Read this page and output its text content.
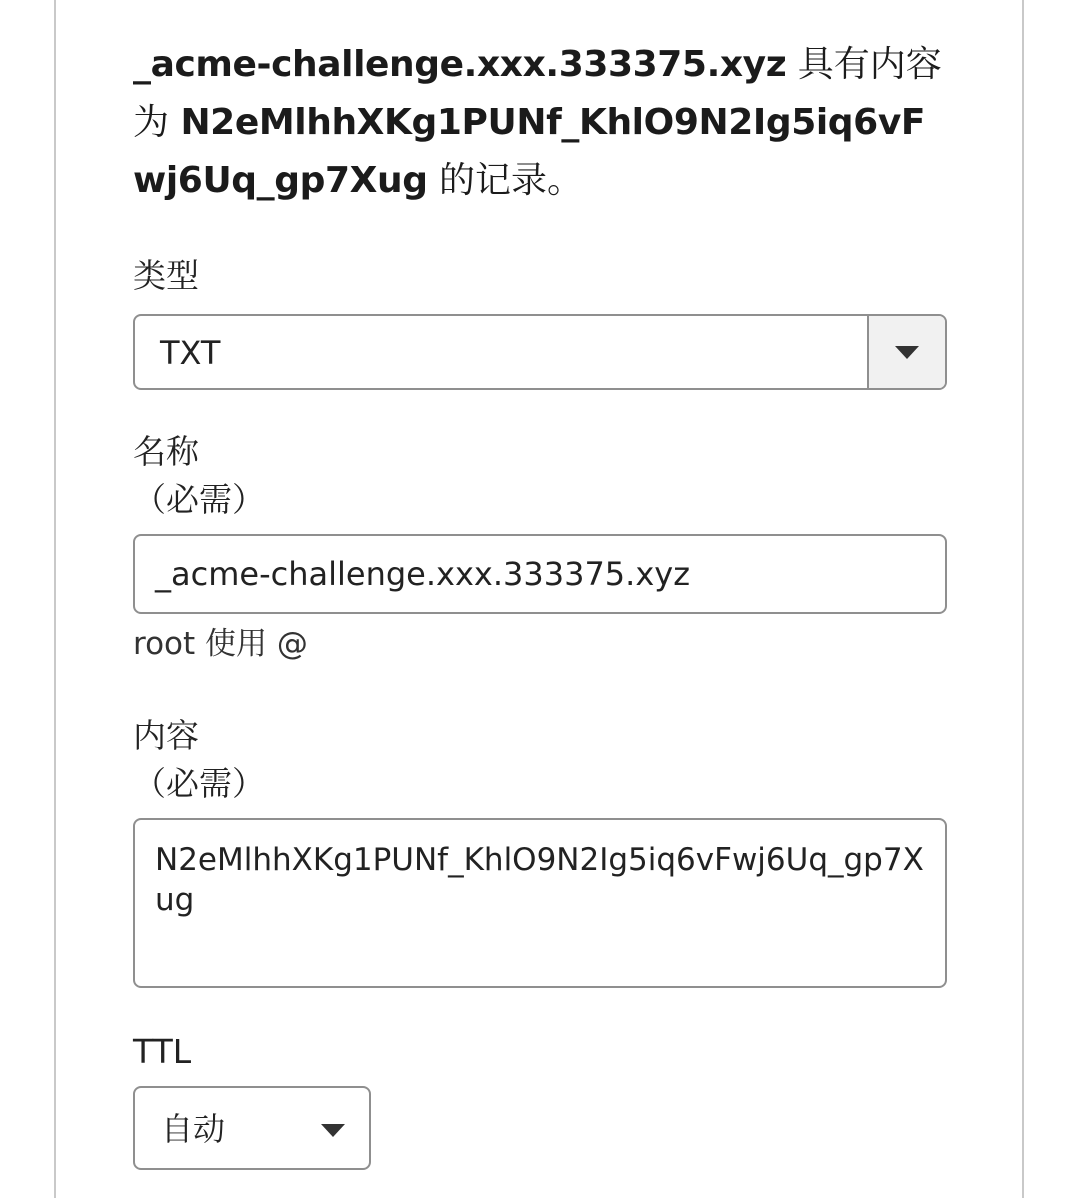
_acme-challenge.xxx.333375.xyz 具有内容为 N2eMlhhXKg1PUNf_KhlO9N2Ig5iq6vFwj6Uq_gp7Xug 的记录。

类型

TXT

名称

（必需）

_acme-challenge.xxx.333375.xyz

root 使用 @

内容

（必需）

N2eMlhhXKg1PUNf_KhlO9N2Ig5iq6vFwj6Uq_gp7Xug

TTL

自动
